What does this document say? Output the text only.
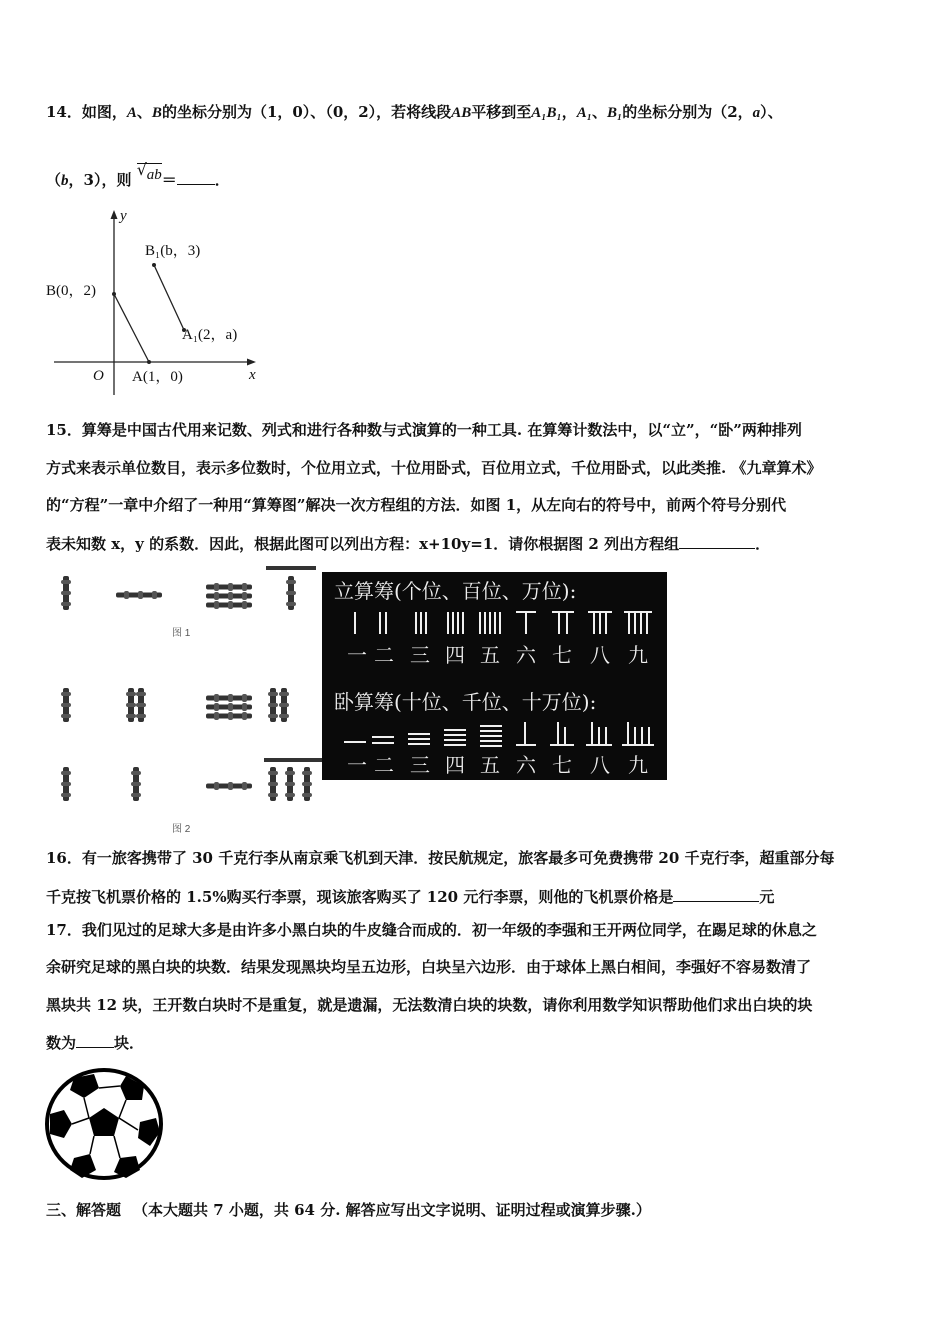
14．如图，A、B的坐标分别为（1，0）、（0，2），若将线段AB平移到至A₁B₁，A₁、B₁的坐标分别为（2，a）、
（b，3），则
√ ab＝	．
y
x
O
B(0，2)
B₁(b，3)
A₁(2，a)
A(1，0)
15．算筹是中国古代用来记数、列式和进行各种数与式演算的一种工具. 在算筹计数法中，以“立”，“卧”两种排列
方式来表示单位数目，表示多位数时，个位用立式，十位用卧式，百位用立式，千位用卧式，以此类推. 《九章算术》
的“方程”一章中介绍了一种用“算筹图”解决一次方程组的方法．如图 1，从左向右的符号中，前两个符号分别代
表未知数 x，y 的系数．因此，根据此图可以列出方程：x+10y=1．请你根据图 2 列出方程组	．
图 1
图 2
立算筹(个位、百位、万位):
一 二 三 四 五 六 七 八 九
卧算筹(十位、千位、十万位):
一 二 三 四 五 六 七 八 九
16．有一旅客携带了 30 千克行李从南京乘飞机到天津．按民航规定，旅客最多可免费携带 20 千克行李，超重部分每
千克按飞机票价格的 1.5%购买行李票，现该旅客购买了 120 元行李票，则他的飞机票价格是	元
17．我们见过的足球大多是由许多小黑白块的牛皮缝合而成的．初一年级的李强和王开两位同学，在踢足球的休息之
余研究足球的黑白块的块数．结果发现黑块均呈五边形，白块呈六边形．由于球体上黑白相间，李强好不容易数清了
黑块共 12 块，王开数白块时不是重复，就是遗漏，无法数清白块的块数，请你利用数学知识帮助他们求出白块的块
数为	块．
三、解答题 （本大题共 7 小题，共 64 分. 解答应写出文字说明、证明过程或演算步骤.）
